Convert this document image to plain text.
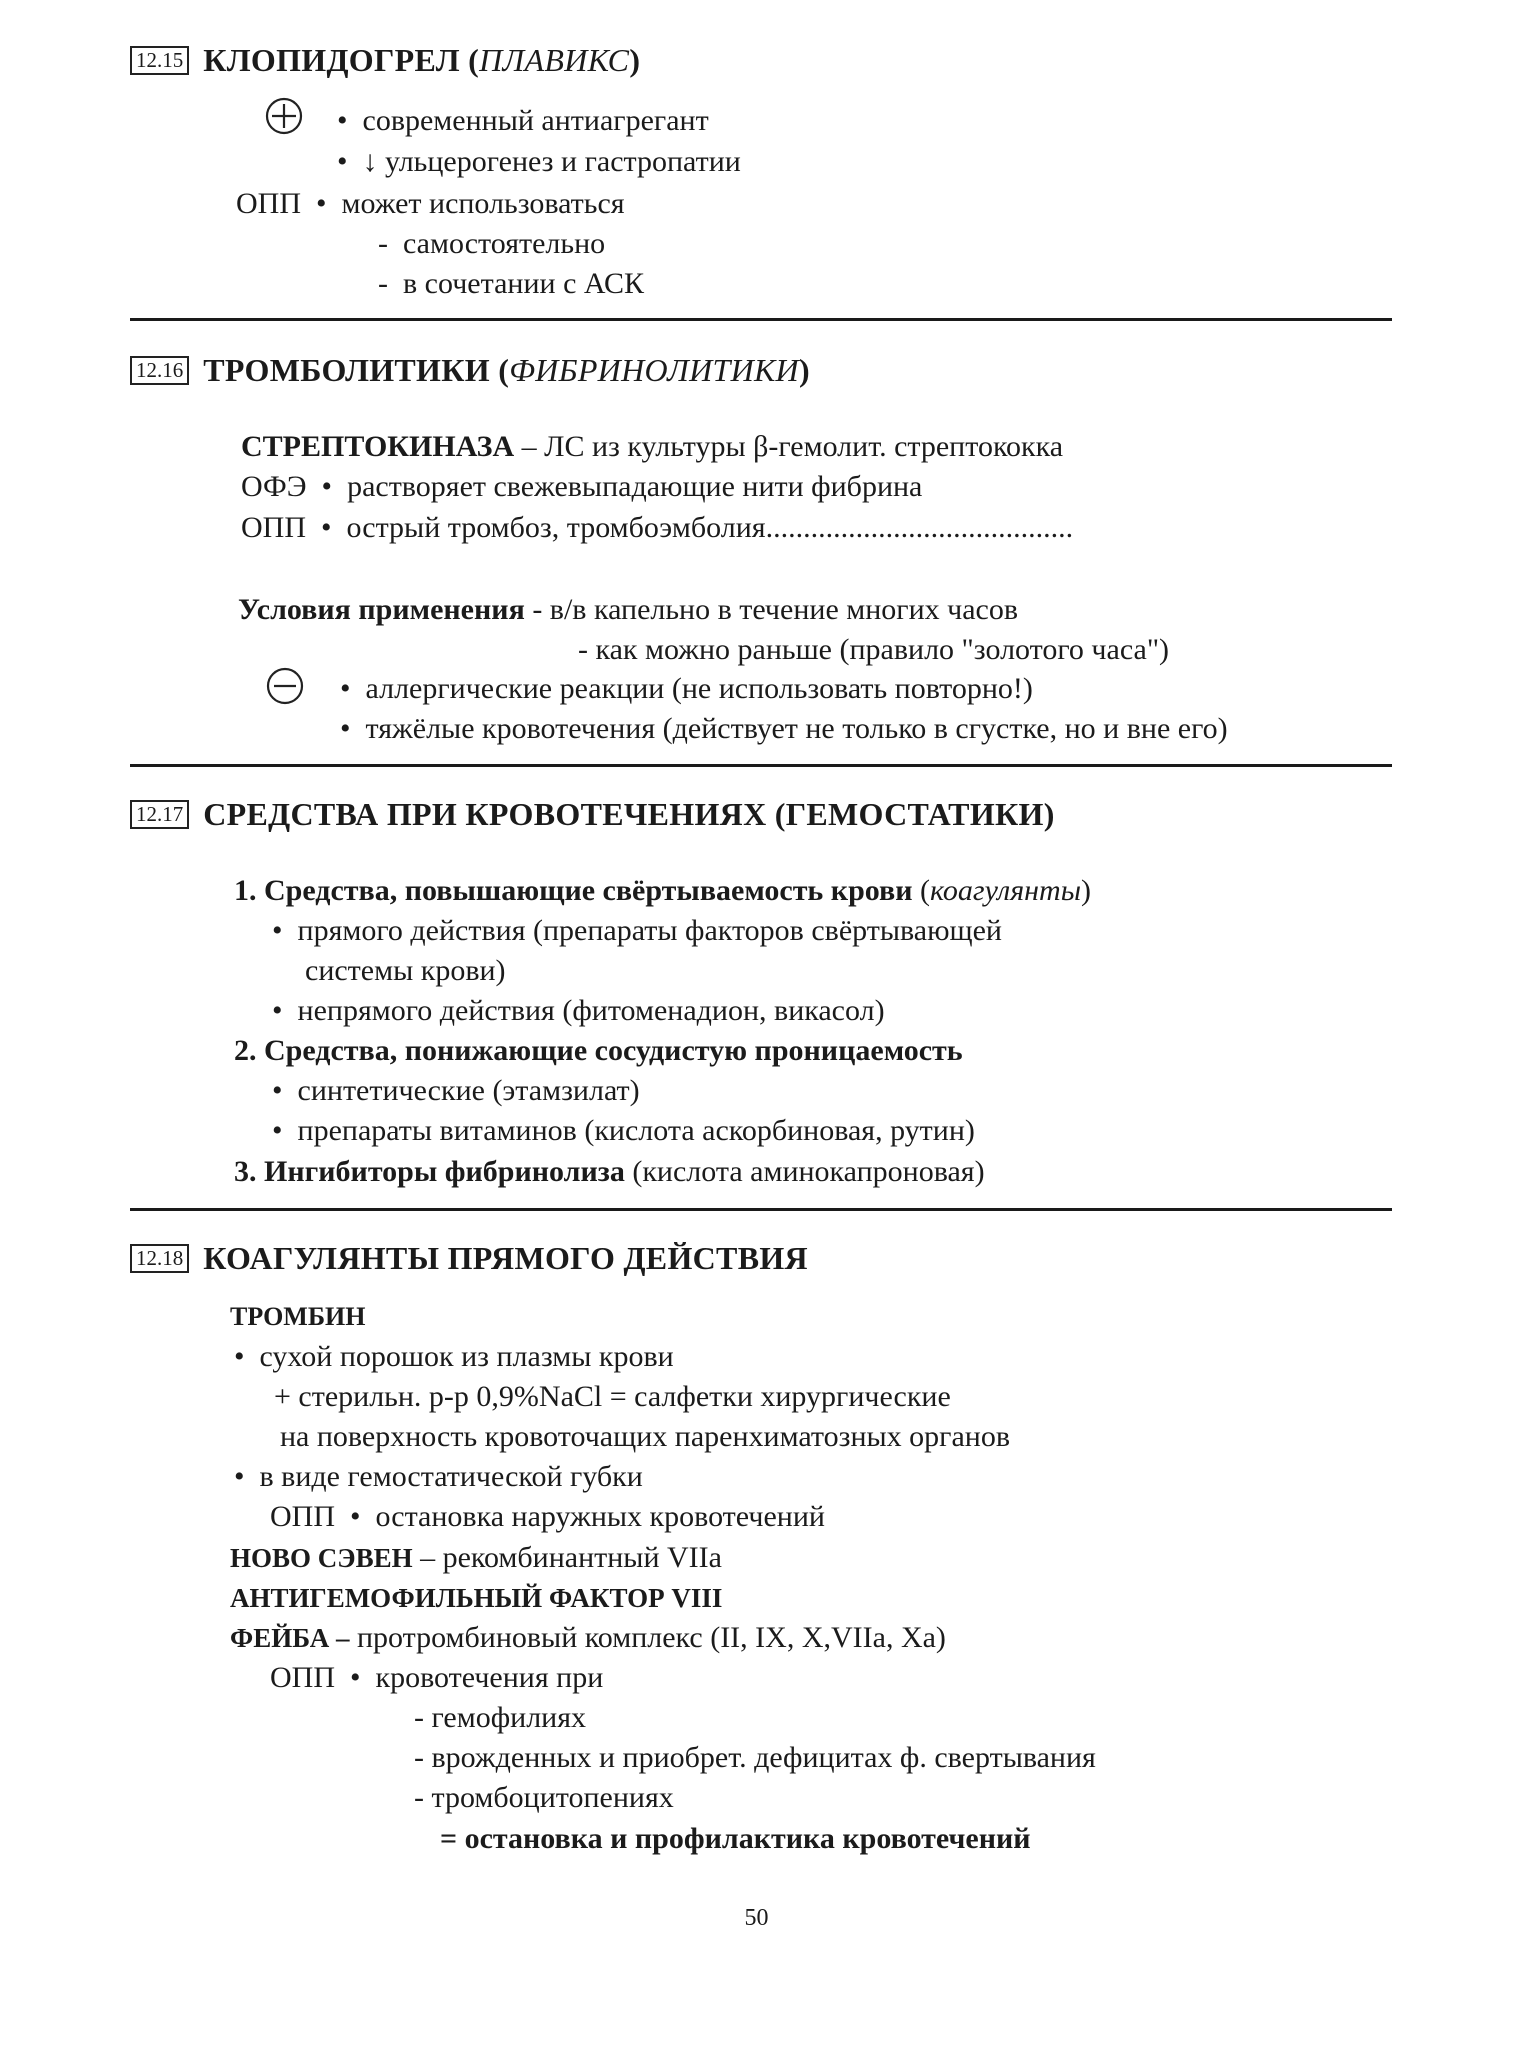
12.15 КЛОПИДОГРЕЛ (ПЛАВИКС)
• современный антиагрегант
• ↓ ульцерогенез и гастропатии
ОПП • может использоваться
- самостоятельно
- в сочетании с АСК
12.16 ТРОМБОЛИТИКИ (ФИБРИНОЛИТИКИ)
СТРЕПТОКИНАЗА – ЛС из культуры β-гемолит. стрептококка
ОФЭ • растворяет свежевыпадающие нити фибрина
ОПП • острый тромбоз, тромбоэмболия.........................................
Условия применения - в/в капельно в течение многих часов
- как можно раньше (правило "золотого часа")
• аллергические реакции (не использовать повторно!)
• тяжёлые кровотечения (действует не только в сгустке, но и вне его)
12.17 СРЕДСТВА ПРИ КРОВОТЕЧЕНИЯХ (ГЕМОСТАТИКИ)
1. Средства, повышающие свёртываемость крови (коагулянты)
• прямого действия (препараты факторов свёртывающей
системы крови)
• непрямого действия (фитоменадион, викасол)
2. Средства, понижающие сосудистую проницаемость
• синтетические (этамзилат)
• препараты витаминов (кислота аскорбиновая, рутин)
3. Ингибиторы фибринолиза (кислота аминокапроновая)
12.18 КОАГУЛЯНТЫ ПРЯМОГО ДЕЙСТВИЯ
ТРОМБИН
• сухой порошок из плазмы крови
+ стерильн. р-р 0,9%NaCl = салфетки хирургические
на поверхность кровоточащих паренхиматозных органов
• в виде гемостатической губки
ОПП • остановка наружных кровотечений
НОВО СЭВЕН – рекомбинантный VIIa
АНТИГЕМОФИЛЬНЫЙ ФАКТОР VIII
ФЕЙБА – протромбиновый комплекс (II, IX, X,VIIa, Xa)
ОПП • кровотечения при
- гемофилиях
- врожденных и приобрет. дефицитах ф. свертывания
- тромбоцитопениях
= остановка и профилактика кровотечений
50
